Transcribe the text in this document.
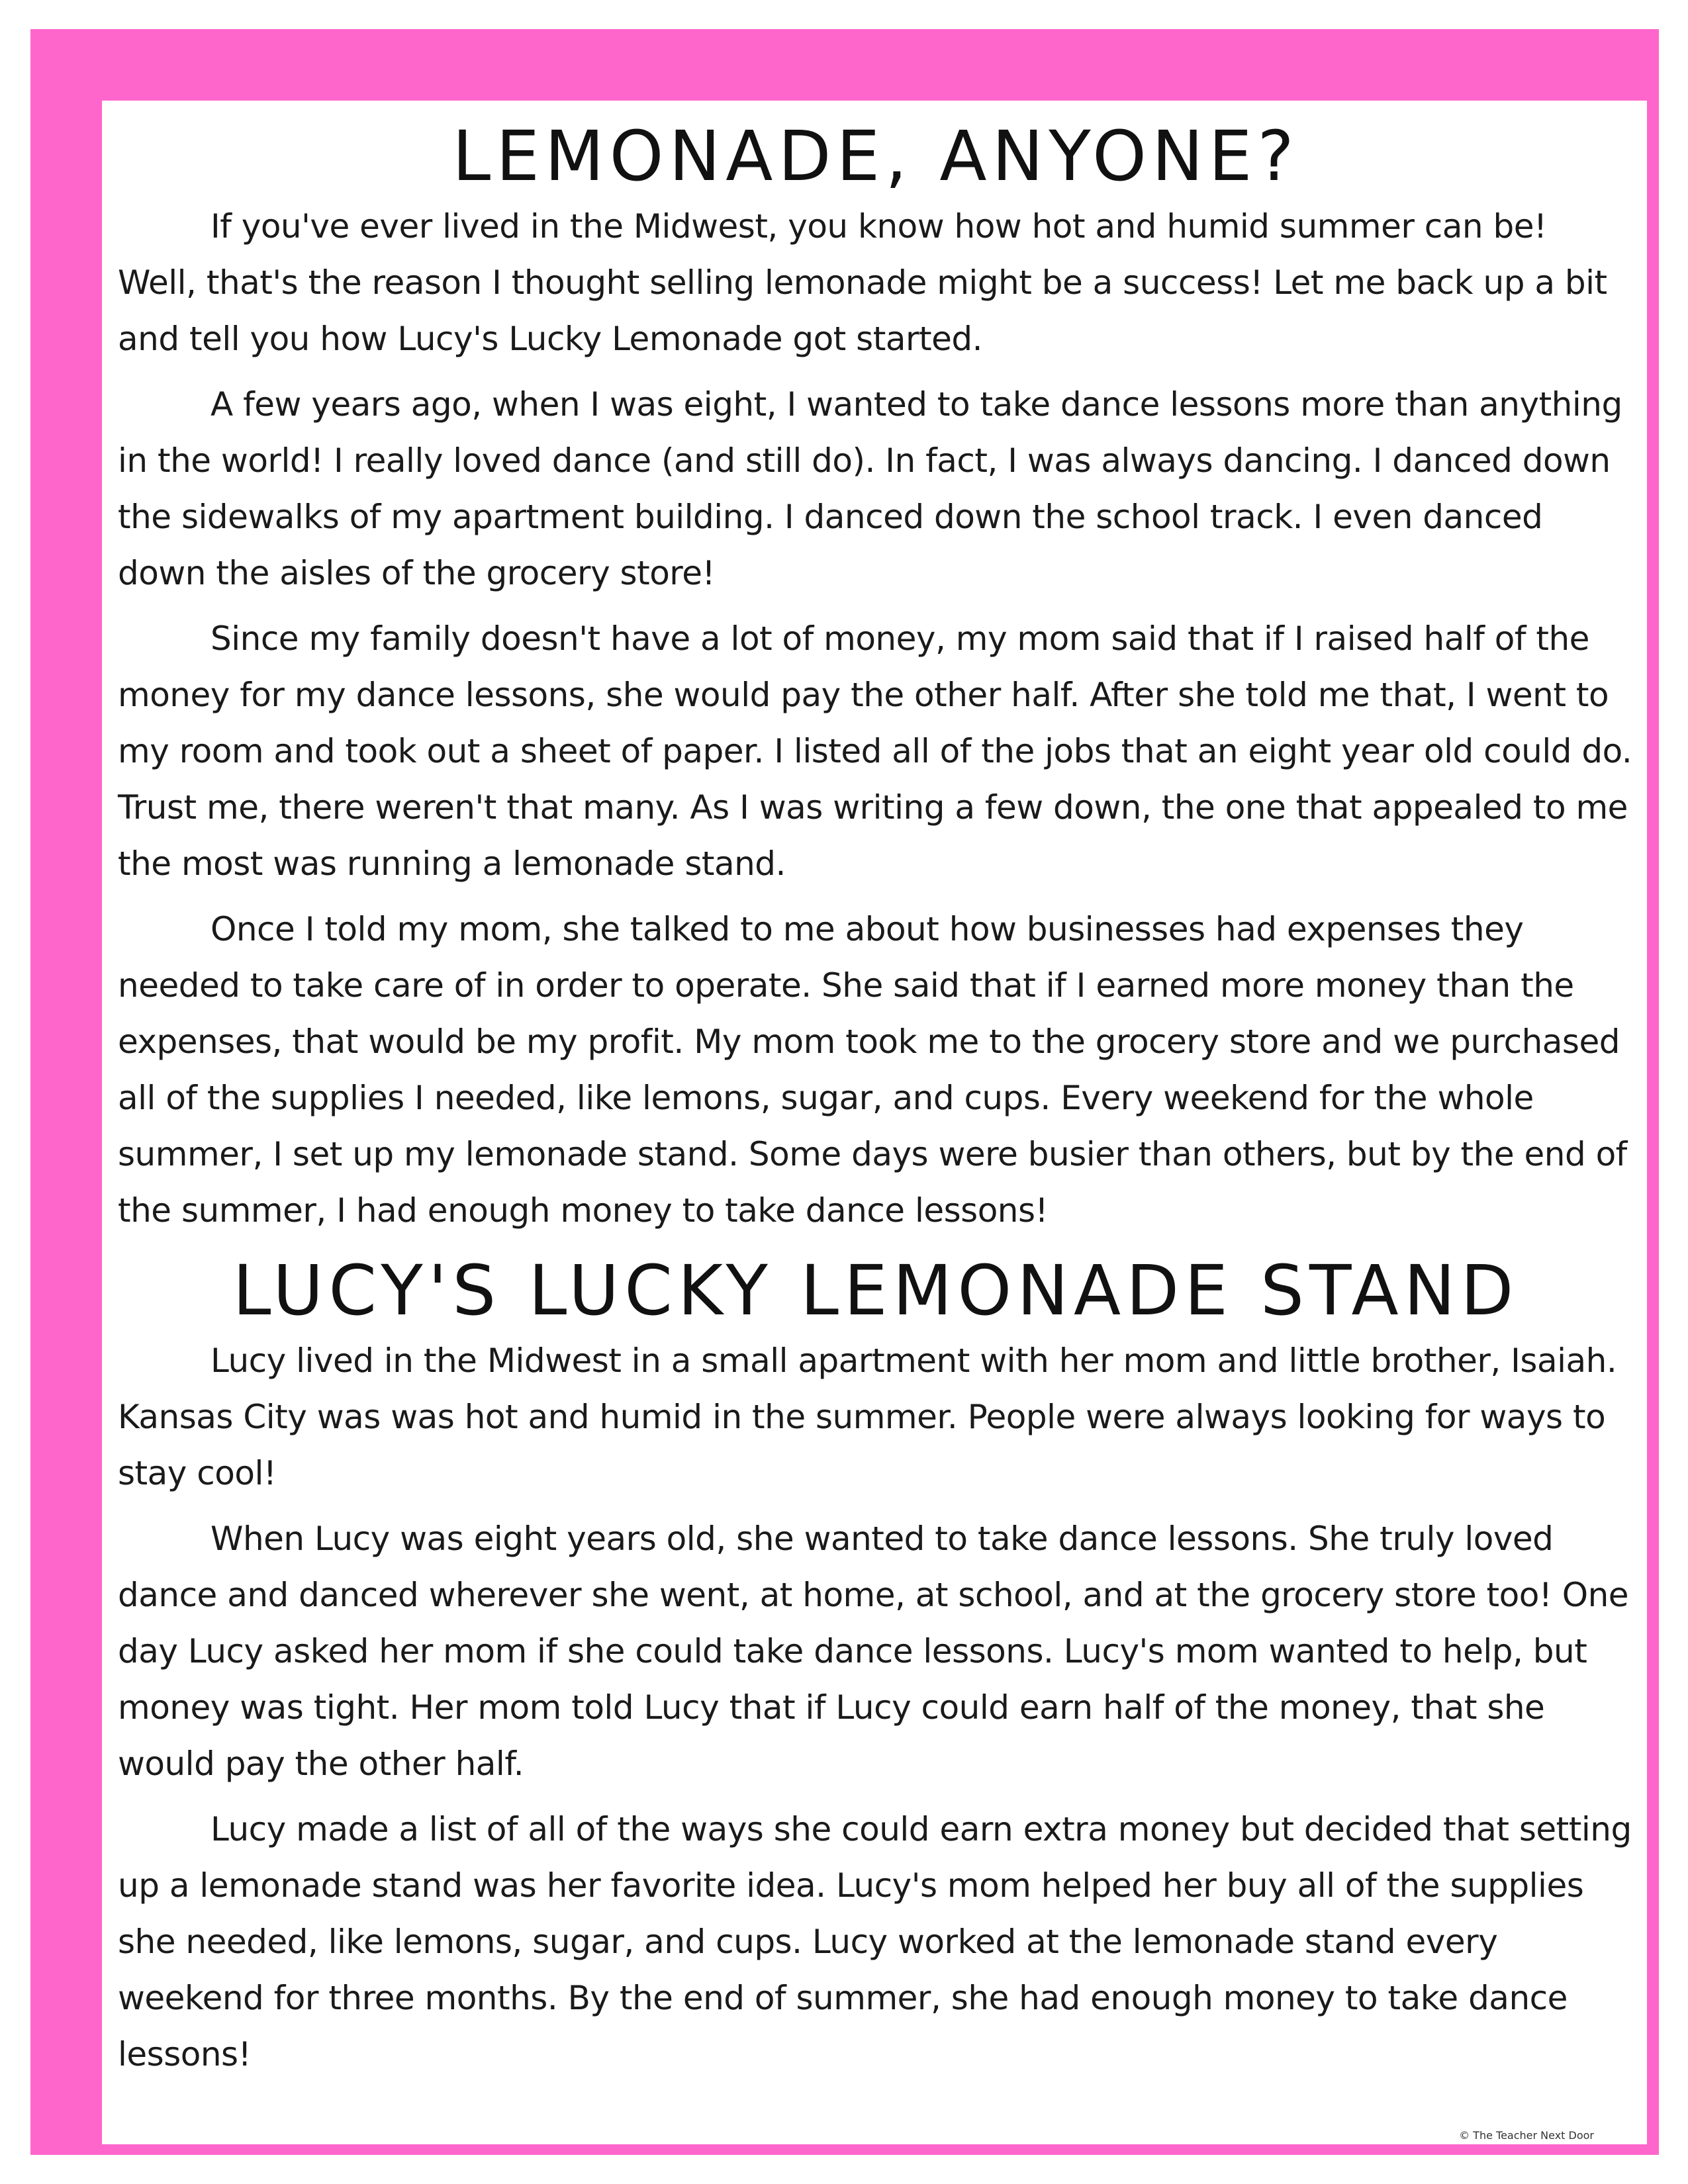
LEMONADE, ANYONE?

If you've ever lived in the Midwest, you know how hot and humid summer can be! Well, that's the reason I thought selling lemonade might be a success! Let me back up a bit and tell you how Lucy's Lucky Lemonade got started.

A few years ago, when I was eight, I wanted to take dance lessons more than anything in the world! I really loved dance (and still do). In fact, I was always dancing. I danced down the sidewalks of my apartment building. I danced down the school track. I even danced down the aisles of the grocery store!

Since my family doesn't have a lot of money, my mom said that if I raised half of the money for my dance lessons, she would pay the other half. After she told me that, I went to my room and took out a sheet of paper. I listed all of the jobs that an eight year old could do. Trust me, there weren't that many. As I was writing a few down, the one that appealed to me the most was running a lemonade stand.

Once I told my mom, she talked to me about how businesses had expenses they needed to take care of in order to operate. She said that if I earned more money than the expenses, that would be my profit. My mom took me to the grocery store and we purchased all of the supplies I needed, like lemons, sugar, and cups. Every weekend for the whole summer, I set up my lemonade stand. Some days were busier than others, but by the end of the summer, I had enough money to take dance lessons!

LUCY'S LUCKY LEMONADE STAND

Lucy lived in the Midwest in a small apartment with her mom and little brother, Isaiah. Kansas City was was hot and humid in the summer. People were always looking for ways to stay cool!

When Lucy was eight years old, she wanted to take dance lessons. She truly loved dance and danced wherever she went, at home, at school, and at the grocery store too! One day Lucy asked her mom if she could take dance lessons. Lucy's mom wanted to help, but money was tight. Her mom told Lucy that if Lucy could earn half of the money, that she would pay the other half.

Lucy made a list of all of the ways she could earn extra money but decided that setting up a lemonade stand was her favorite idea. Lucy's mom helped her buy all of the supplies she needed, like lemons, sugar, and cups. Lucy worked at the lemonade stand every weekend for three months. By the end of summer, she had enough money to take dance lessons!

© The Teacher Next Door
